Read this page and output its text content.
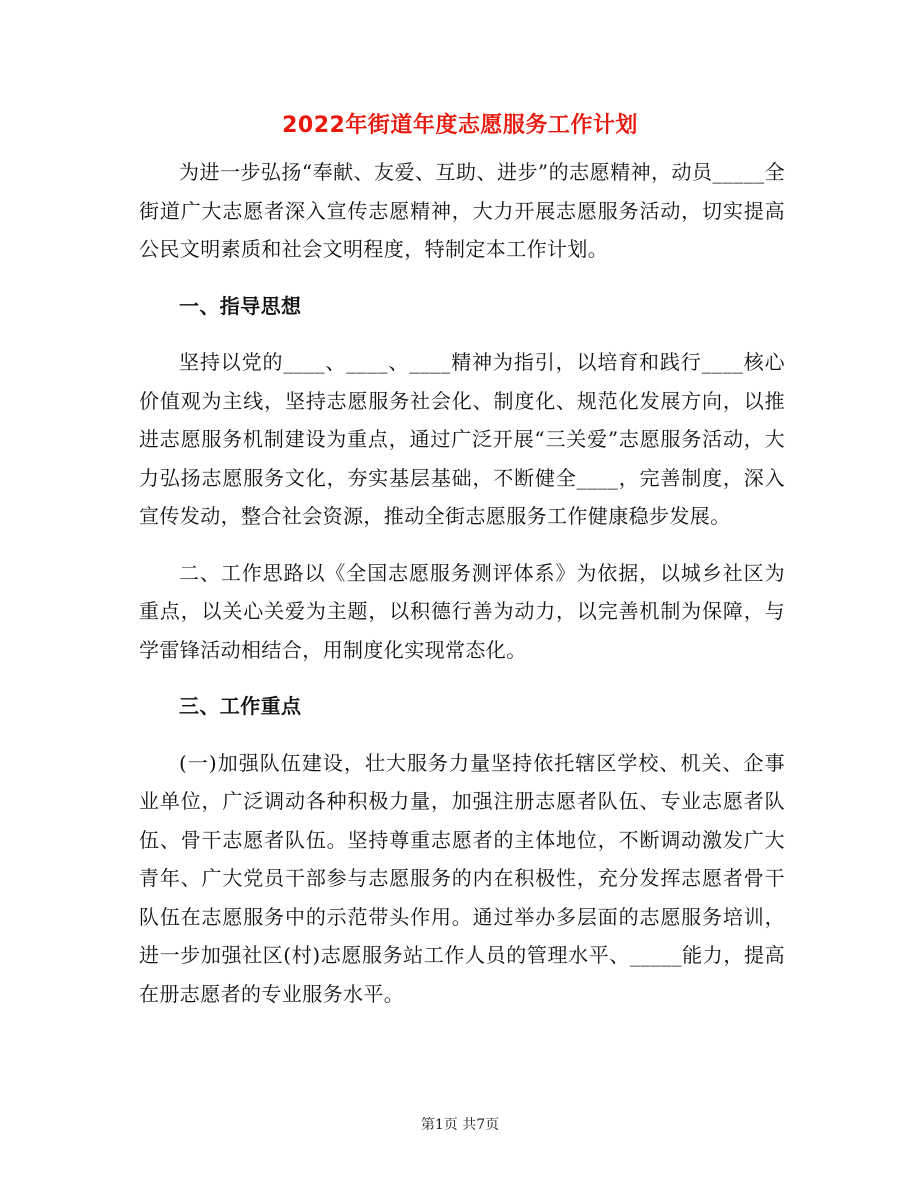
2022年街道年度志愿服务工作计划

为进一步弘扬“奉献、友爱、互助、进步”的志愿精神，动员_____全街道广大志愿者深入宣传志愿精神，大力开展志愿服务活动，切实提高公民文明素质和社会文明程度，特制定本工作计划。

一、指导思想

坚持以党的____、____、____精神为指引，以培育和践行____核心价值观为主线，坚持志愿服务社会化、制度化、规范化发展方向，以推进志愿服务机制建设为重点，通过广泛开展“三关爱”志愿服务活动，大力弘扬志愿服务文化，夯实基层基础，不断健全____，完善制度，深入宣传发动，整合社会资源，推动全街志愿服务工作健康稳步发展。

二、工作思路以《全国志愿服务测评体系》为依据，以城乡社区为重点，以关心关爱为主题，以积德行善为动力，以完善机制为保障，与学雷锋活动相结合，用制度化实现常态化。

三、工作重点

(一)加强队伍建设，壮大服务力量坚持依托辖区学校、机关、企事业单位，广泛调动各种积极力量，加强注册志愿者队伍、专业志愿者队伍、骨干志愿者队伍。坚持尊重志愿者的主体地位，不断调动激发广大青年、广大党员干部参与志愿服务的内在积极性，充分发挥志愿者骨干队伍在志愿服务中的示范带头作用。通过举办多层面的志愿服务培训，进一步加强社区(村)志愿服务站工作人员的管理水平、_____能力，提高在册志愿者的专业服务水平。

第1页 共7页
